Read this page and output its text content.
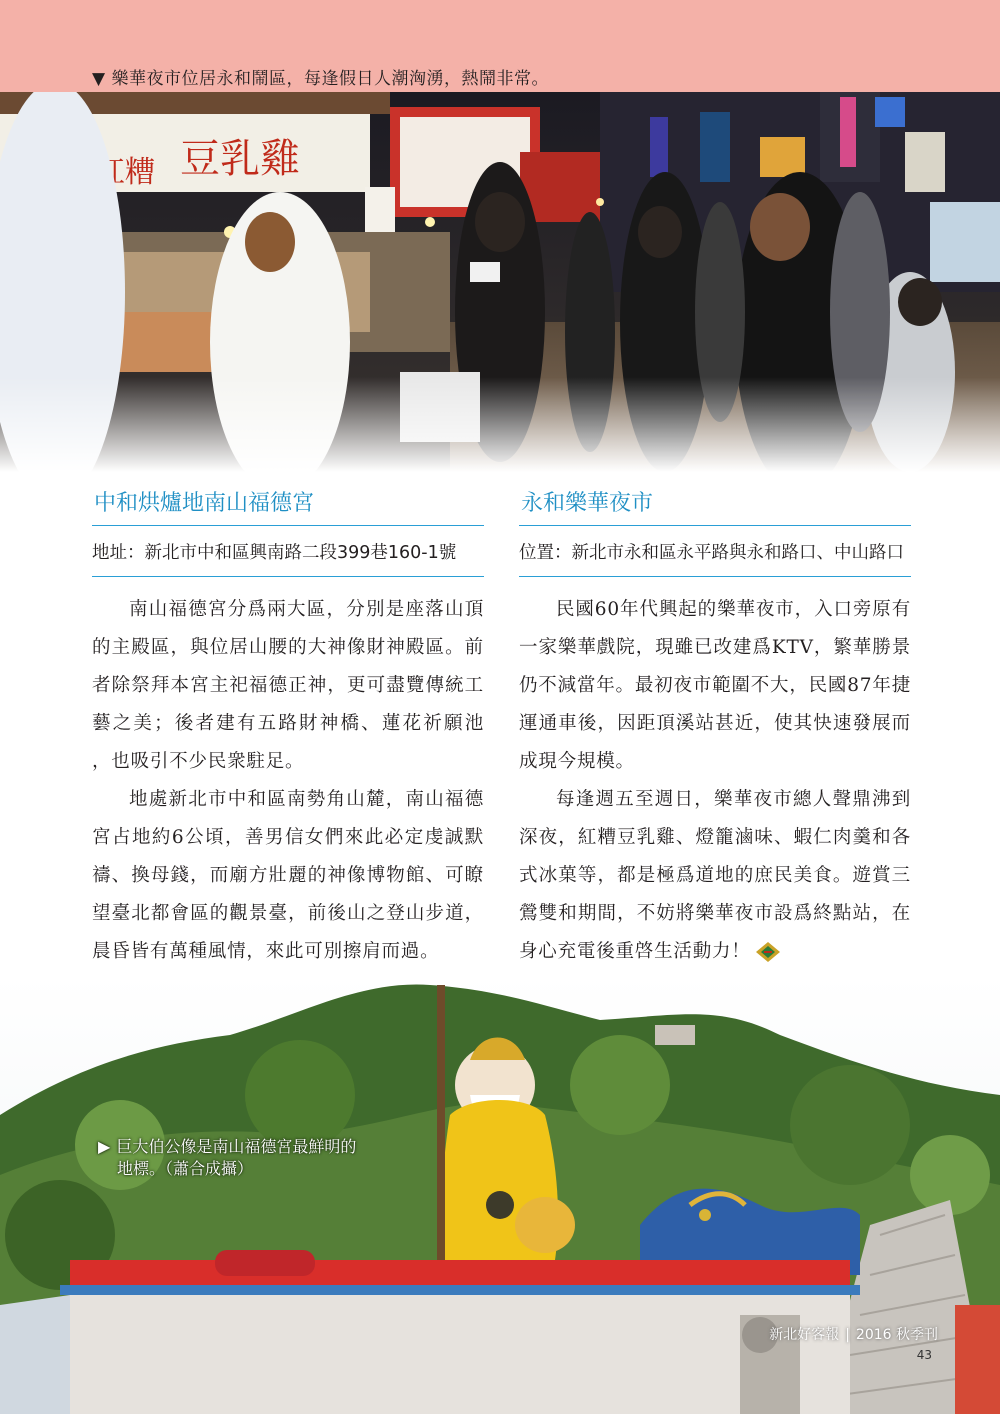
▼ 樂華夜市位居永和鬧區，每逢假日人潮洶湧，熱鬧非常。
中和烘爐地南山福德宮
地址： 新北市中和區興南路二段399巷160-1號

南山福德宮分爲兩大區，分別是座落山頂的主殿區，與位居山腰的大神像財神殿區。前者除祭拜本宮主祀福德正神，更可盡覽傳統工藝之美；後者建有五路財神橋、蓮花祈願池 ，也吸引不少民衆駐足。

地處新北市中和區南勢角山麓，南山福德宮占地約6公頃，善男信女們來此必定虔誠默禱、換母錢，而廟方壯麗的神像博物館、可瞭望臺北都會區的觀景臺，前後山之登山步道，晨昏皆有萬種風情，來此可別擦肩而過。

永和樂華夜市
位置： 新北市永和區永平路與永和路口、中山路口

民國60年代興起的樂華夜市，入口旁原有一家樂華戲院，現雖已改建爲KTV，繁華勝景仍不減當年。最初夜市範圍不大，民國87年捷運通車後，因距頂溪站甚近，使其快速發展而成現今規模。

每逢週五至週日，樂華夜市總人聲鼎沸到深夜，紅糟豆乳雞、燈籠滷味、蝦仁肉羹和各式冰菓等，都是極爲道地的庶民美食。遊賞三鶯雙和期間，不妨將樂華夜市設爲終點站，在身心充電後重啓生活動力！

▶ 巨大伯公像是南山福德宮最鮮明的
地標。（蕭合成攝）
新北好客報 | 2016 秋季刊
43
